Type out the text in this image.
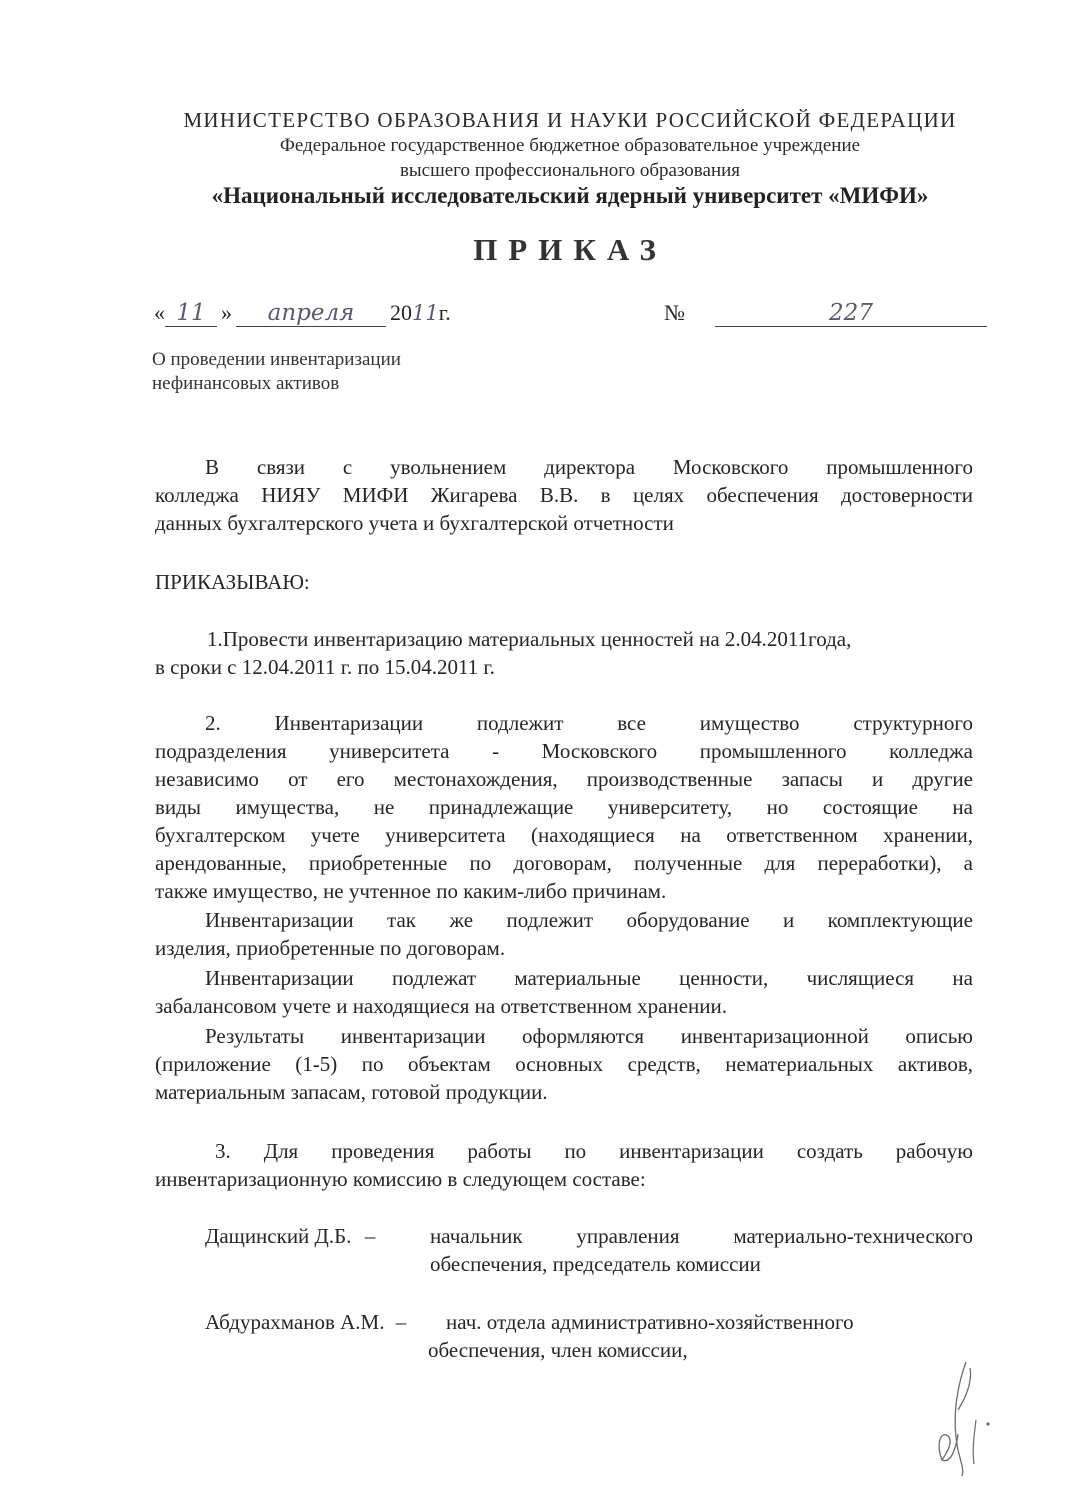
МИНИСТЕРСТВО ОБРАЗОВАНИЯ И НАУКИ РОССИЙСКОЙ ФЕДЕРАЦИИ
Федеральное государственное бюджетное образовательное учреждение
высшего профессионального образования
«Национальный исследовательский ядерный университет «МИФИ»
ПРИКАЗ
« 11 » апреля 2011г.	№	227
О проведении инвентаризации
нефинансовых активов
В связи с увольнением директора Московского промышленного
колледжа НИЯУ МИФИ Жигарева В.В. в целях обеспечения достоверности
данных бухгалтерского учета и бухгалтерской отчетности
ПРИКАЗЫВАЮ:
1.Провести инвентаризацию материальных ценностей на 2.04.2011года,
в сроки с 12.04.2011 г. по 15.04.2011 г.
2. Инвентаризации подлежит все имущество структурного
подразделения университета - Московского промышленного колледжа
независимо от его местонахождения, производственные запасы и другие
виды имущества, не принадлежащие университету, но состоящие на
бухгалтерском учете университета (находящиеся на ответственном хранении,
арендованные, приобретенные по договорам, полученные для переработки), а
также имущество, не учтенное по каким-либо причинам.
Инвентаризации так же подлежит оборудование и комплектующие
изделия, приобретенные по договорам.
Инвентаризации подлежат материальные ценности, числящиеся на
забалансовом учете и находящиеся на ответственном хранении.
Результаты инвентаризации оформляются инвентаризационной описью
(приложение (1-5) по объектам основных средств, нематериальных активов,
материальным запасам, готовой продукции.
3. Для проведения работы по инвентаризации создать рабочую
инвентаризационную комиссию в следующем составе:
Дащинский Д.Б. –	начальник управления материально-технического
обеспечения, председатель комиссии
Абдурахманов А.М. – нач. отдела административно-хозяйственного
обеспечения, член комиссии,
